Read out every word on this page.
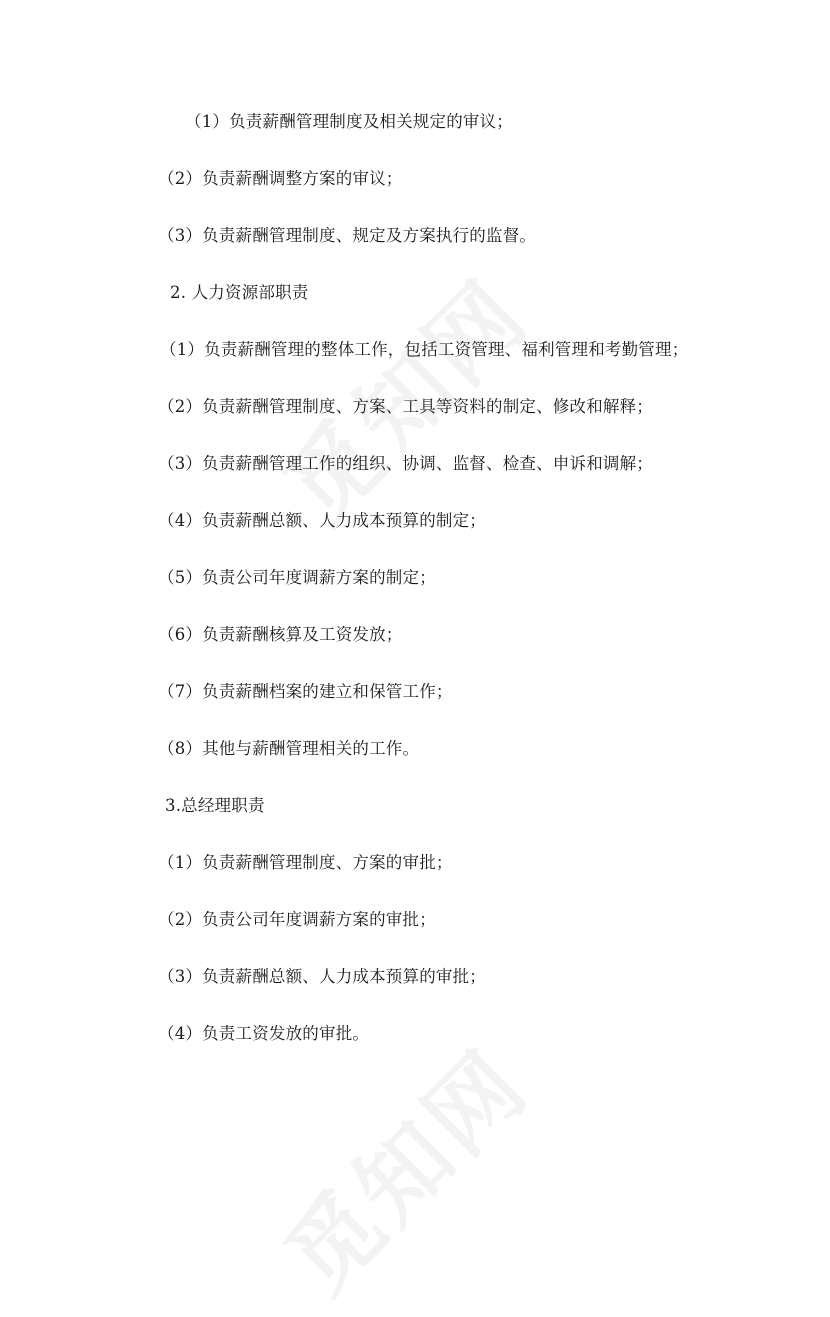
（1）负责薪酬管理制度及相关规定的审议；
（2）负责薪酬调整方案的审议；
（3）负责薪酬管理制度、规定及方案执行的监督。
2. 人力资源部职责
（1）负责薪酬管理的整体工作，包括工资管理、福利管理和考勤管理；
（2）负责薪酬管理制度、方案、工具等资料的制定、修改和解释；
（3）负责薪酬管理工作的组织、协调、监督、检查、申诉和调解；
（4）负责薪酬总额、人力成本预算的制定；
（5）负责公司年度调薪方案的制定；
（6）负责薪酬核算及工资发放；
（7）负责薪酬档案的建立和保管工作；
（8）其他与薪酬管理相关的工作。
3.总经理职责
（1）负责薪酬管理制度、方案的审批；
（2）负责公司年度调薪方案的审批；
（3）负责薪酬总额、人力成本预算的审批；
（4）负责工资发放的审批。
